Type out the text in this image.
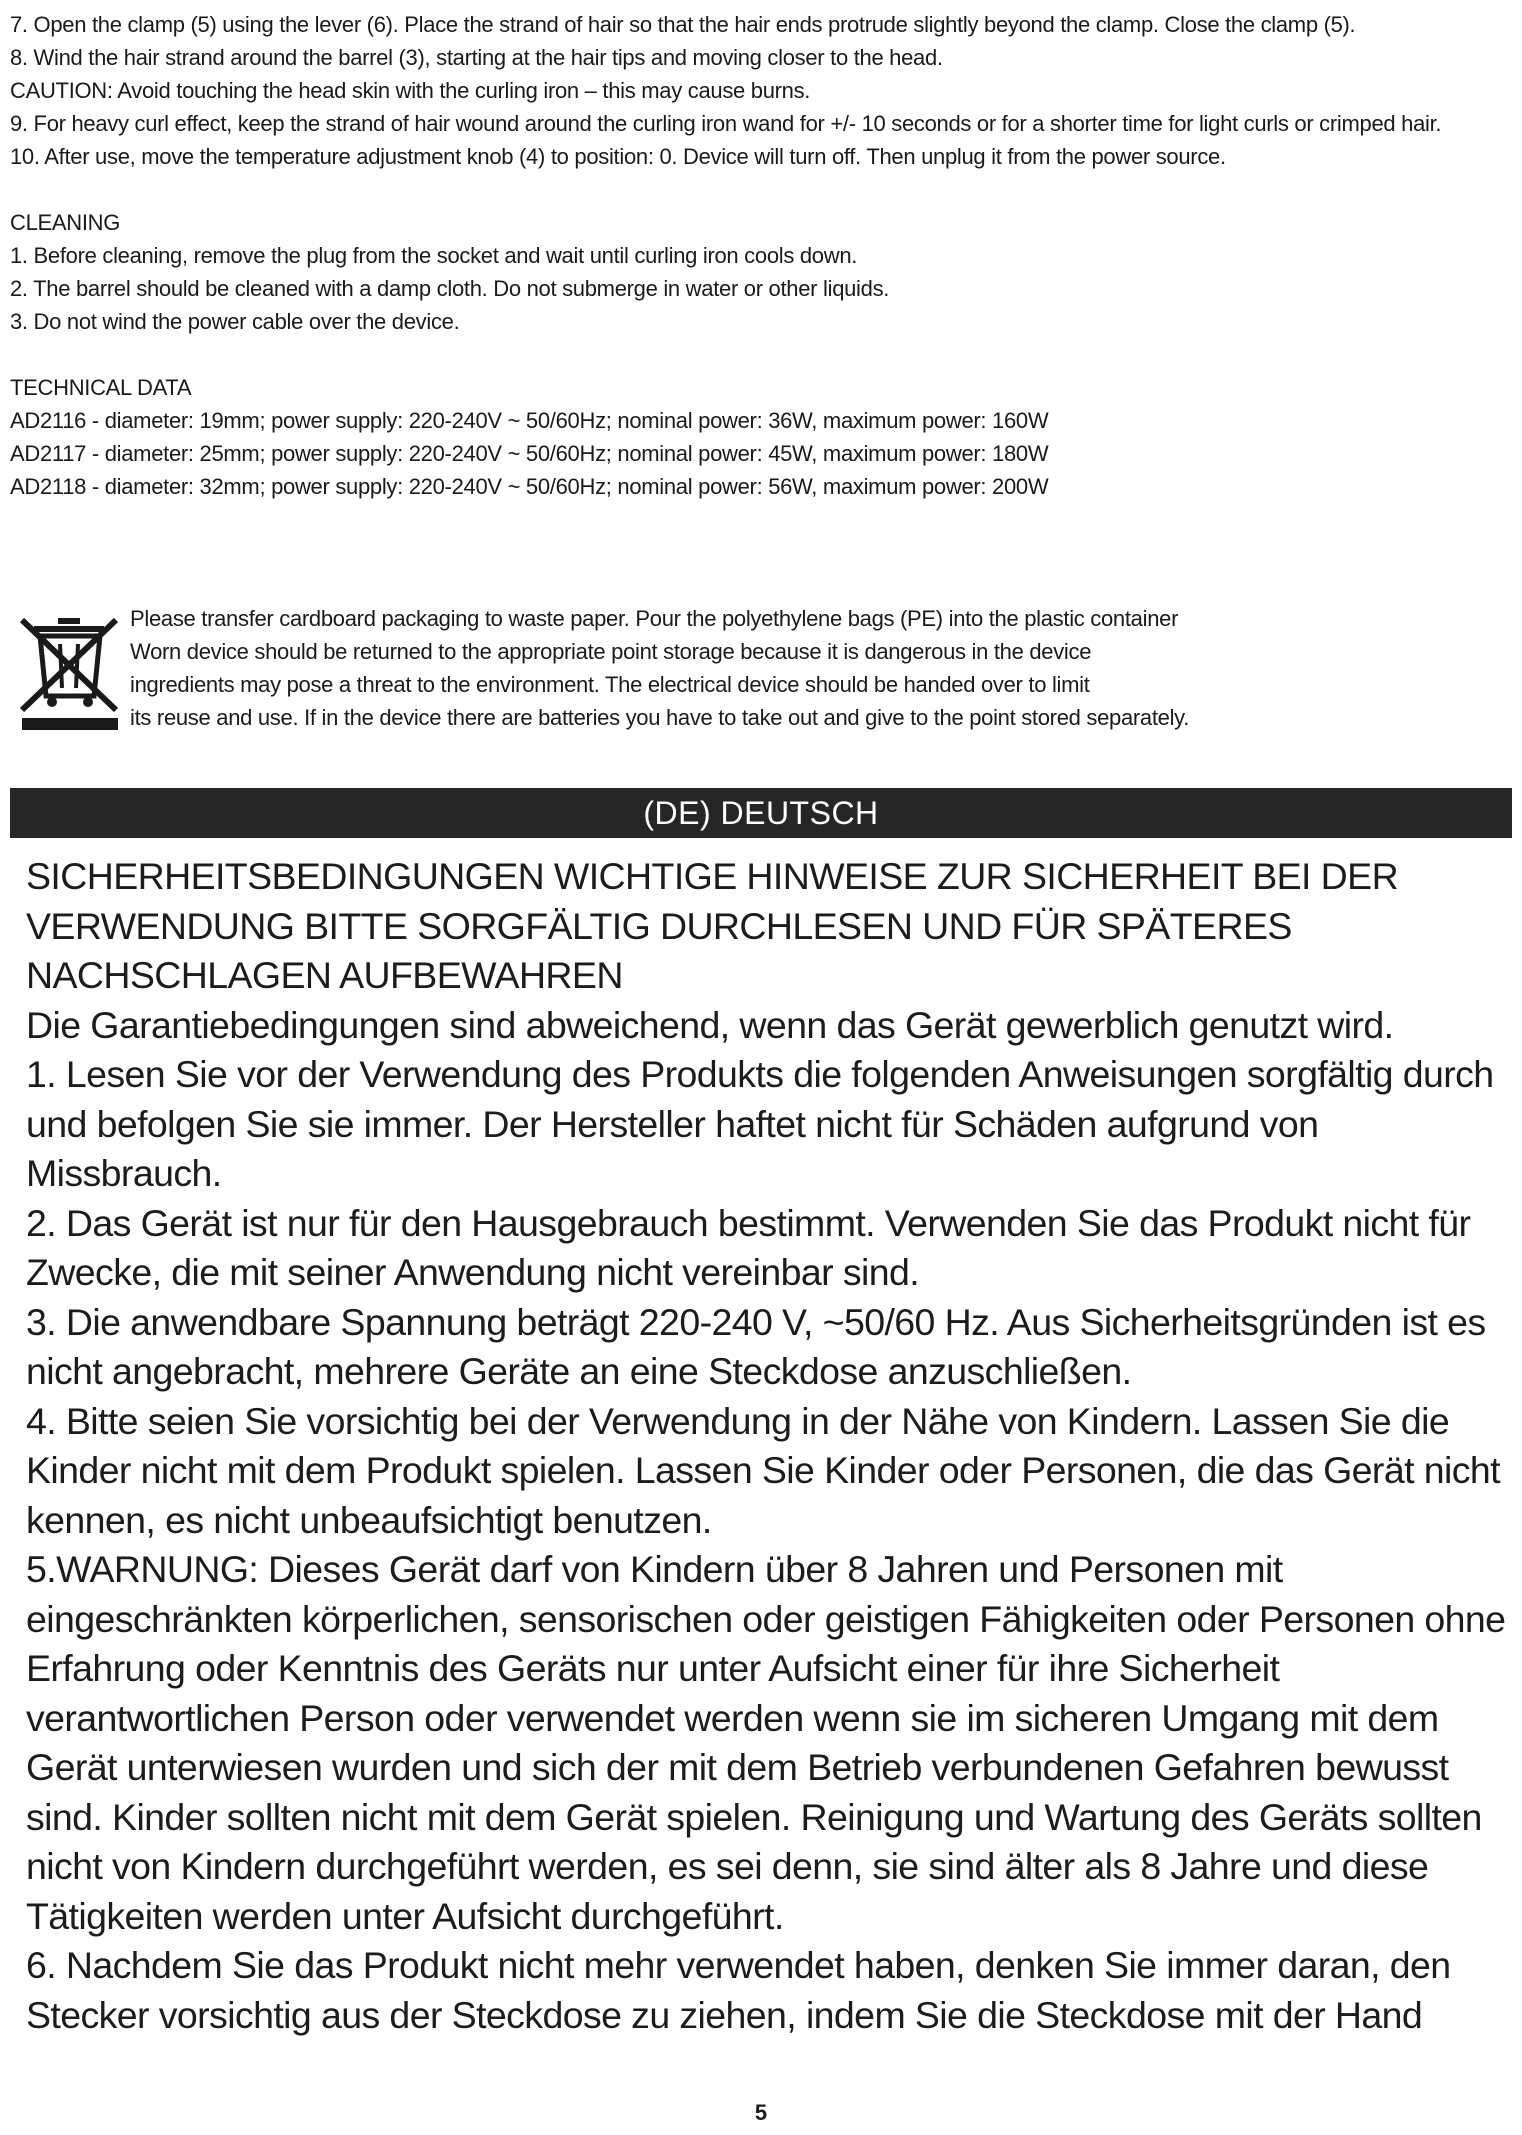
7. Open the clamp (5) using the lever (6). Place the strand of hair so that the hair ends protrude slightly beyond the clamp. Close the clamp (5).

8. Wind the hair strand around the barrel (3), starting at the hair tips and moving closer to the head.

CAUTION: Avoid touching the head skin with the curling iron – this may cause burns.

9. For heavy curl effect, keep the strand of hair wound around the curling iron wand for +/- 10 seconds or for a shorter time for light curls or crimped hair.

10. After use, move the temperature adjustment knob (4) to position: 0. Device will turn off. Then unplug it from the power source.

CLEANING

1. Before cleaning, remove the plug from the socket and wait until curling iron cools down.

2. The barrel should be cleaned with a damp cloth. Do not submerge in water or other liquids.

3. Do not wind the power cable over the device.

TECHNICAL DATA

AD2116 - diameter: 19mm; power supply: 220-240V ~ 50/60Hz; nominal power: 36W, maximum power: 160W

AD2117 - diameter: 25mm; power supply: 220-240V ~ 50/60Hz; nominal power: 45W, maximum power: 180W

AD2118 - diameter: 32mm; power supply: 220-240V ~ 50/60Hz; nominal power: 56W, maximum power: 200W

Please transfer cardboard packaging to waste paper. Pour the polyethylene bags (PE) into the plastic container

Worn device should be returned to the appropriate point storage because it is dangerous in the device

ingredients may pose a threat to the environment. The electrical device should be handed over to limit

its reuse and use. If in the device there are batteries you have to take out and give to the point stored separately.

(DE) DEUTSCH

SICHERHEITSBEDINGUNGEN WICHTIGE HINWEISE ZUR SICHERHEIT BEI DER VERWENDUNG BITTE SORGFÄLTIG DURCHLESEN UND FÜR SPÄTERES NACHSCHLAGEN AUFBEWAHREN

Die Garantiebedingungen sind abweichend, wenn das Gerät gewerblich genutzt wird.

1. Lesen Sie vor der Verwendung des Produkts die folgenden Anweisungen sorgfältig durch und befolgen Sie sie immer. Der Hersteller haftet nicht für Schäden aufgrund von Missbrauch.

2. Das Gerät ist nur für den Hausgebrauch bestimmt. Verwenden Sie das Produkt nicht für Zwecke, die mit seiner Anwendung nicht vereinbar sind.

3. Die anwendbare Spannung beträgt 220-240 V, ~50/60 Hz. Aus Sicherheitsgründen ist es nicht angebracht, mehrere Geräte an eine Steckdose anzuschließen.

4. Bitte seien Sie vorsichtig bei der Verwendung in der Nähe von Kindern. Lassen Sie die Kinder nicht mit dem Produkt spielen. Lassen Sie Kinder oder Personen, die das Gerät nicht kennen, es nicht unbeaufsichtigt benutzen.

5.WARNUNG: Dieses Gerät darf von Kindern über 8 Jahren und Personen mit eingeschränkten körperlichen, sensorischen oder geistigen Fähigkeiten oder Personen ohne Erfahrung oder Kenntnis des Geräts nur unter Aufsicht einer für ihre Sicherheit verantwortlichen Person oder verwendet werden wenn sie im sicheren Umgang mit dem Gerät unterwiesen wurden und sich der mit dem Betrieb verbundenen Gefahren bewusst sind. Kinder sollten nicht mit dem Gerät spielen. Reinigung und Wartung des Geräts sollten nicht von Kindern durchgeführt werden, es sei denn, sie sind älter als 8 Jahre und diese Tätigkeiten werden unter Aufsicht durchgeführt.

6. Nachdem Sie das Produkt nicht mehr verwendet haben, denken Sie immer daran, den Stecker vorsichtig aus der Steckdose zu ziehen, indem Sie die Steckdose mit der Hand

5
